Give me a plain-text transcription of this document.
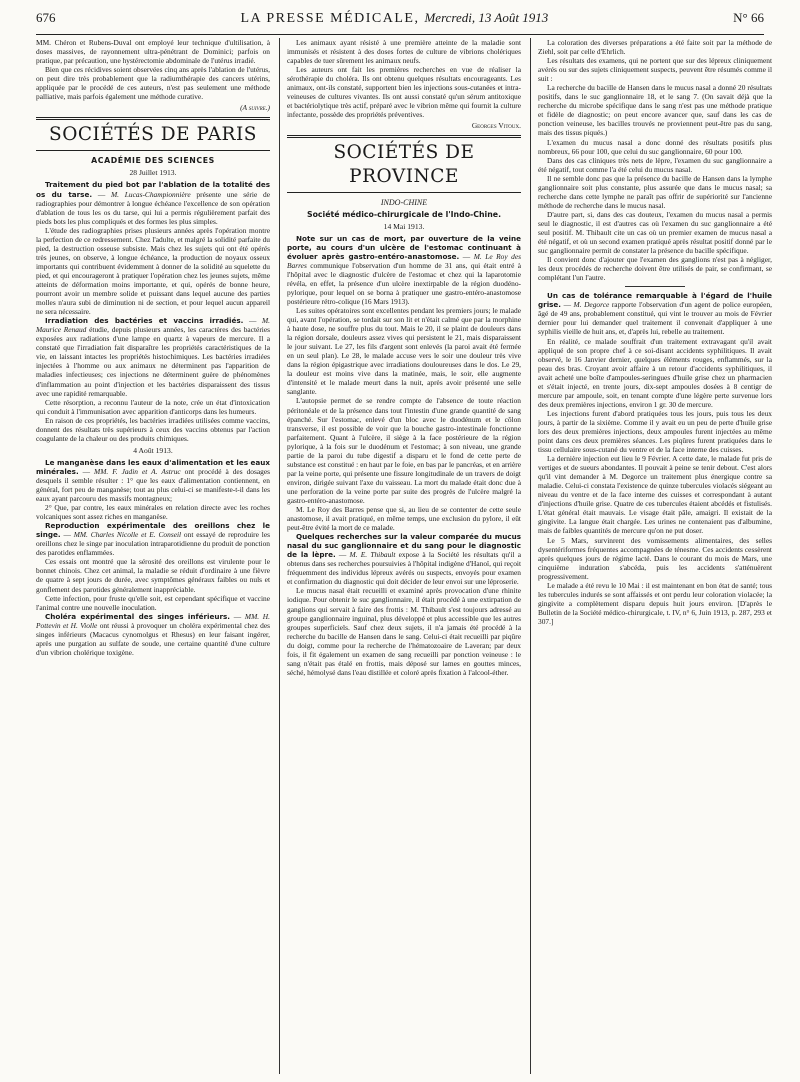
676	LA PRESSE MÉDICALE, Mercredi, 13 Août 1913	N° 66

MM. Chéron et Rubens-Duval ont employé leur technique d'ultilisation, à doses massives, de rayonnement ultra-pénétrant de Dominici; parfois on pratique, par précaution, une hystérectomie abdominale de l'utérus irradié.

Bien que ces récidives soient observées cinq ans après l'ablation de l'utérus, on peut dire très probablement que la radiumthérapie des cancers utérins, appliquée par le procédé de ces auteurs, n'est pas seulement une méthode palliative, mais parfois également une méthode curative.

(A suivre.)
SOCIÉTÉS DE PARIS
ACADÉMIE DES SCIENCES
28 Juillet 1913.

Traitement du pied bot par l'ablation de la totalité des os du tarse. — M. Lucas-Championnière présente une série de radiographies pour démontrer à longue échéance l'excellence de son opération d'ablation de tous les os du tarse, qui lui a permis régulièrement parfait des pieds bots les plus compliqués et des formes les plus simples.

L'étude des radiographies prises plusieurs années après l'opération montre la perfection de ce redressement. Chez l'adulte, et malgré la solidité parfaite du pied, la destruction osseuse subsiste. Mais chez les sujets qui ont été opérés très jeunes, on observe, à longue échéance, la production de noyaux osseux importants qui contribuent évidemment à donner de la solidité au squelette du pied, et qui encourageront à pratiquer l'opération chez les jeunes sujets, même atteints de déformation moins importante, et qui, opérés de bonne heure, pourront avoir un membre solide et puissant dans lequel aucune des parties molles n'aura subi de diminution ni de section, et pour lequel aucun appareil ne sera nécessaire.

Irradiation des bactéries et vaccins irradiés. — M. Maurice Renaud étudie, depuis plusieurs années, les caractères des bactéries exposées aux radiations d'une lampe en quartz à vapeurs de mercure. Il a constaté que l'irradiation fait disparaître les propriétés caractéristiques de la vie, en laissant intactes les propriétés histochimiques. Les bactéries irradiées injectées à l'homme ou aux animaux ne déterminent pas l'apparition de maladies infectieuses; ces injections ne déterminent guère de phénomènes d'inflammation au point d'injection et les bactéries disparaissent des tissus avec une rapidité remarquable.

Cette résorption, a reconnu l'auteur de la note, crée un état d'intoxication qui conduit à l'immunisation avec apparition d'anticorps dans les humeurs.

En raison de ces propriétés, les bactéries irradiées utilisées comme vaccins, donnent des résultats très supérieurs à ceux des vaccins obtenus par l'action coagulante de la chaleur ou des produits chimiques.

4 Août 1913.

Le manganèse dans les eaux d'alimentation et les eaux minérales. — MM. F. Jadin et A. Astruc ont procédé à des dosages desquels il semble résulter : 1° que les eaux d'alimentation contiennent, en général, fort peu de manganèse; tout au plus celui-ci se manifeste-t-il dans les eaux ayant parcouru des massifs montagneux;

2° Que, par contre, les eaux minérales en relation directe avec les roches volcaniques sont assez riches en manganèse.

Reproduction expérimentale des oreillons chez le singe. — MM. Charles Nicolle et E. Conseil ont essayé de reproduire les oreillons chez le singe par inoculation intraparotidienne du produit de ponction des parotides enflammées.

Ces essais ont montré que la sérosité des oreillons est virulente pour le bonnet chinois. Chez cet animal, la maladie se réduit d'ordinaire à une fièvre de quatre à sept jours de durée, avec symptômes généraux faibles ou nuls et gonflement des parotides généralement inappréciable.

Cette infection, pour fruste qu'elle soit, est cependant spécifique et vaccine l'animal contre une nouvelle inoculation.

Choléra expérimental des singes inférieurs. — MM. H. Pottevin et H. Violle ont réussi à provoquer un choléra expérimental chez des singes inférieurs (Macacus cynomolgus et Rhesus) en leur faisant ingérer, après une purgation au sulfate de soude, une certaine quantité d'une culture d'un vibrion cholérique toxigène.

Les animaux ayant résisté à une première atteinte de la maladie sont immunisés et résistent à des doses fortes de culture de vibrions cholériques capables de tuer sûrement les animaux neufs.

Les auteurs ont fait les premières recherches en vue de réaliser la sérothérapie du choléra. Ils ont obtenu quelques résultats encourageants. Les animaux, ont-ils constaté, supportent bien les injections sous-cutanées et intra-veineuses de cultures vivantes. Ils ont aussi constaté qu'un sérum antitoxique et bactériolytique très actif, préparé avec le vibrion même qui fournit la culture infectante, possède des propriétés préventives.

Georges Vitoux.
SOCIÉTÉS DE PROVINCE
INDO-CHINE
Société médico-chirurgicale de l'Indo-Chine.
14 Mai 1913.

Note sur un cas de mort, par ouverture de la veine porte, au cours d'un ulcère de l'estomac continuant à évoluer après gastro-entéro-anastomose. — M. Le Roy des Barres communique l'observation d'un homme de 31 ans, qui était entré à l'hôpital avec le diagnostic d'ulcère de l'estomac et chez qui la laparotomie révéla, en effet, la présence d'un ulcère inextirpable de la région duodéno-pylorique, pour lequel on se borna à pratiquer une gastro-entéro-anastomose postérieure rétro-colique (16 Mars 1913).

Les suites opératoires sont excellentes pendant les premiers jours; le malade qui, avant l'opération, se tordait sur son lit et n'était calmé que par la morphine à haute dose, ne souffre plus du tout. Mais le 20, il se plaint de douleurs dans la région dorsale, douleurs assez vives qui persistent le 21, mais disparaissent le jour suivant. Le 27, les fils d'argent sont enlevés (la paroi avait été fermée en un seul plan). Le 28, le malade accuse vers le soir une douleur très vive dans la région épigastrique avec irradiations douloureuses dans le dos. Le 29, la douleur est moins vive dans la matinée, mais, le soir, elle augmente d'intensité et le malade meurt dans la nuit, après avoir présenté une selle sanglante.

L'autopsie permet de se rendre compte de l'absence de toute réaction péritonéale et de la présence dans tout l'intestin d'une grande quantité de sang épanché. Sur l'estomac, enlevé d'un bloc avec le duodénum et le côlon transverse, il est possible de voir que la bouche gastro-intestinale fonctionne parfaitement. Quant à l'ulcère, il siège à la face postérieure de la région pylorique, à la fois sur le duodénum et l'estomac; à son niveau, une grande partie de la paroi du tube digestif a disparu et le fond de cette perte de substance est constitué : en haut par le foie, en bas par le pancréas, et en arrière par la veine porte, qui présente une fissure longitudinale de un travers de doigt environ, dirigée suivant l'axe du vaisseau. La mort du malade était donc due à une perforation de la veine porte par suite des progrès de l'ulcère malgré la gastro-entéro-anastomose.

M. Le Roy des Barres pense que si, au lieu de se contenter de cette seule anastomose, il avait pratiqué, en même temps, une exclusion du pylore, il eût peut-être évité la mort de ce malade.

Quelques recherches sur la valeur comparée du mucus nasal du suc ganglionnaire et du sang pour le diagnostic de la lèpre. — M. E. Thibault expose à la Société les résultats qu'il a obtenus dans ses recherches poursuivies à l'hôpital indigène d'Hanoï, qui reçoit fréquemment des individus lépreux avérés ou suspects, envoyés pour examen et confirmation du diagnostic qui doit décider de leur envoi sur une léproserie.

Le mucus nasal était recueilli et examiné après provocation d'une rhinite iodique. Pour obtenir le suc ganglionnaire, il était procédé à une extirpation de ganglions qui servait à faire des frottis : M. Thibault s'est toujours adressé au groupe ganglionnaire inguinal, plus développé et plus accessible que les autres groupes superficiels. Sauf chez deux sujets, il n'a jamais été procédé à la recherche du bacille de Hansen dans le sang. Celui-ci était recueilli par piqûre du doigt, comme pour la recherche de l'hématozoaire de Laveran; par deux fois, il fit également un examen de sang recueilli par ponction veineuse : le sang n'était pas étalé en frottis, mais déposé sur lames en gouttes minces, séché, hémolysé dans l'eau distillée et coloré après fixation à l'alcool-éther.

La coloration des diverses préparations a été faite soit par la méthode de Ziehl, soit par celle d'Ehrlich.

Les résultats des examens, qui ne portent que sur des lépreux cliniquement avérés ou sur des sujets cliniquement suspects, peuvent être résumés comme il suit :

La recherche du bacille de Hansen dans le mucus nasal a donné 20 résultats positifs, dans le suc ganglionnaire 18, et le sang 7. (On savait déjà que la recherche du microbe spécifique dans le sang n'est pas une méthode pratique et fidèle de diagnostic; on peut encore avancer que, sauf dans les cas de ponction veineuse, les bacilles trouvés ne proviennent peut-être pas du sang, mais des tissus piqués.)

L'examen du mucus nasal a donc donné des résultats positifs plus nombreux, 66 pour 100, que celui du suc ganglionnaire, 60 pour 100.

Dans des cas cliniques très nets de lèpre, l'examen du suc ganglionnaire a été négatif, tout comme l'a été celui du mucus nasal.

Il ne semble donc pas que la présence du bacille de Hansen dans la lymphe ganglionnaire soit plus constante, plus assurée que dans le mucus nasal; sa recherche dans cette lymphe ne paraît pas offrir de supériorité sur l'ancienne méthode de recherche dans le mucus nasal.

D'autre part, si, dans des cas douteux, l'examen du mucus nasal a permis seul le diagnostic, il est d'autres cas où l'examen du suc ganglionnaire a été seul positif. M. Thibault cite un cas où un premier examen de mucus nasal a été négatif, et où un second examen pratiqué après résultat positif donné par le suc ganglionnaire permit de constater la présence du bacille spécifique.

Il convient donc d'ajouter que l'examen des ganglions n'est pas à négliger, les deux procédés de recherche doivent être utilisés de pair, se confirmant, se complétant l'un l'autre.

Un cas de tolérance remarquable à l'égard de l'huile grise. — M. Degorce rapporte l'observation d'un agent de police européen, âgé de 49 ans, probablement constitué, qui vint le trouver au mois de Février dernier pour lui demander quel traitement il convenait d'appliquer à une syphilis vieille de huit ans, et, d'après lui, rebelle au traitement.

En réalité, ce malade souffrait d'un traitement extravagant qu'il avait appliqué de son propre chef à ce soi-disant accidents syphilitiques. Il avait observé, le 16 Janvier dernier, quelques éléments rouges, enflammés, sur la peau des bras. Croyant avoir affaire à un retour d'accidents syphilitiques, il avait acheté une boîte d'ampoules-seringues d'huile grise chez un pharmacien et s'était injecté, en trente jours, dix-sept ampoules dosées à 8 centigr de mercure par ampoule, soit, en tenant compte d'une légère perte survenue lors des deux premières injections, environ 1 gr. 30 de mercure.

Les injections furent d'abord pratiquées tous les jours, puis tous les deux jours, à partir de la sixième. Comme il y avait eu un peu de perte d'huile grise lors des deux premières injections, deux ampoules furent injectées au même point dans ces deux premières séances. Les piqûres furent pratiquées dans le tissu cellulaire sous-cutané du ventre et de la face interne des cuisses.

La dernière injection eut lieu le 9 Février. A cette date, le malade fut pris de vertiges et de sueurs abondantes. Il pouvait à peine se tenir debout. C'est alors qu'il vint demander à M. Degorce un traitement plus énergique contre sa maladie. Celui-ci constata l'existence de quinze tubercules violacés siégeant au niveau du ventre et de la face interne des cuisses et correspondant à autant d'injections d'huile grise. Quatre de ces tubercules étaient abcédés et fistulisés. L'état général était mauvais. Le visage était pâle, amaigri. Il existait de la gingivite. La langue était chargée. Les urines ne contenaient pas d'albumine, mais de faibles quantités de mercure qu'on ne put doser.

Le 5 Mars, survinrent des vomissements alimentaires, des selles dysentériformes fréquentes accompagnées de ténesme. Ces accidents cessèrent après quelques jours de régime lacté. Dans le courant du mois de Mars, une cinquième induration s'abcéda, puis les accidents s'atténuèrent progressivement.

Le malade a été revu le 10 Mai : il est maintenant en bon état de santé; tous les tubercules indurés se sont affaissés et ont perdu leur coloration violacée; la gingivite a complètement disparu depuis huit jours environ. [D'après le Bulletin de la Société médico-chirurgicale, t. IV, n° 6, Juin 1913, p. 287, 293 et 307.]
